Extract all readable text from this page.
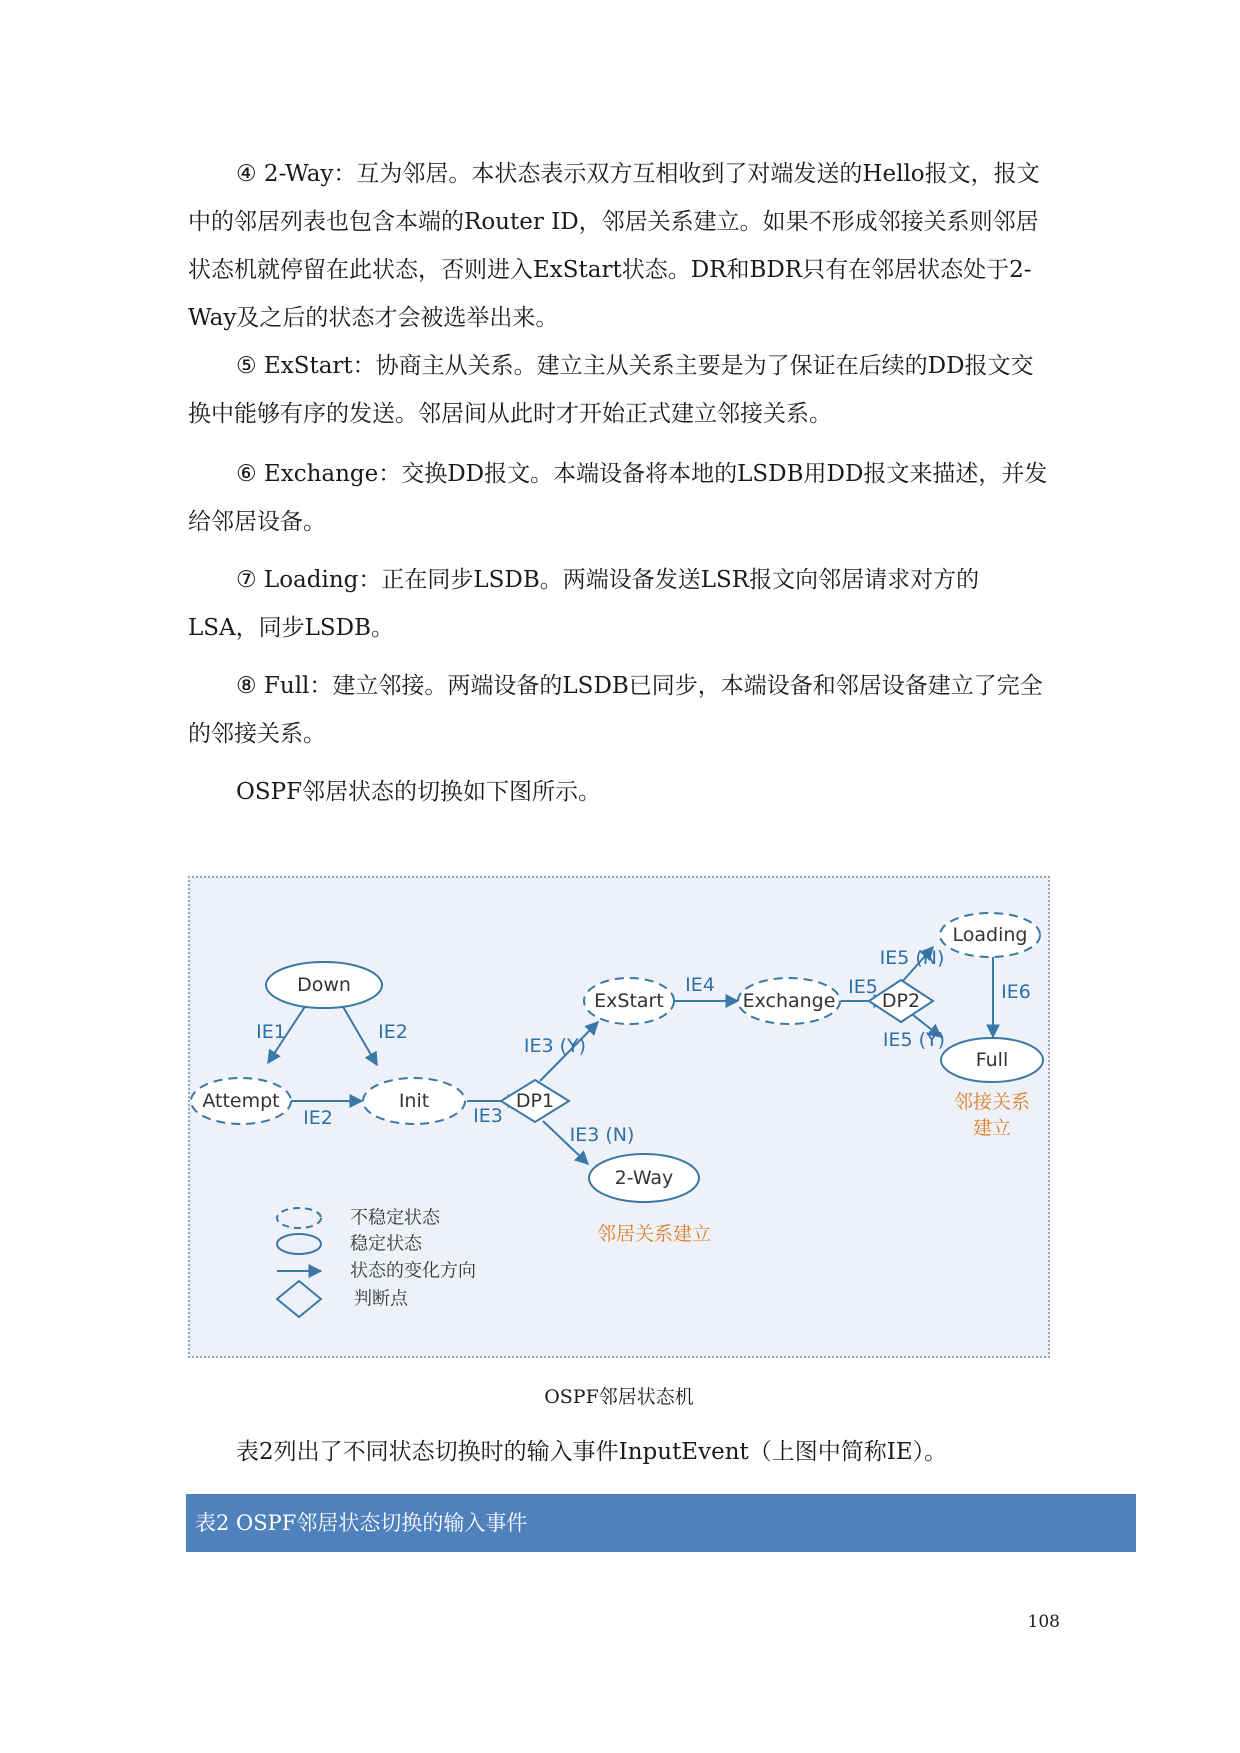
④ 2-Way：互为邻居。本状态表示双方互相收到了对端发送的Hello报文，报文中的邻居列表也包含本端的Router ID，邻居关系建立。如果不形成邻接关系则邻居状态机就停留在此状态，否则进入ExStart状态。DR和BDR只有在邻居状态处于2-Way及之后的状态才会被选举出来。

⑤ ExStart：协商主从关系。建立主从关系主要是为了保证在后续的DD报文交换中能够有序的发送。邻居间从此时才开始正式建立邻接关系。

⑥ Exchange：交换DD报文。本端设备将本地的LSDB用DD报文来描述，并发给邻居设备。

⑦ Loading：正在同步LSDB。两端设备发送LSR报文向邻居请求对方的LSA，同步LSDB。

⑧ Full：建立邻接。两端设备的LSDB已同步，本端设备和邻居设备建立了完全的邻接关系。

OSPF邻居状态的切换如下图所示。

Down
Attempt	Init
ExStart	Exchange
Loading
Full
2-Way
DP1
DP2
IE1	IE2
IE2	IE3
IE3 (Y)
IE3 (N)
IE4	IE5
IE5 (N)
IE5 (Y)
IE6
邻接关系
建立
邻居关系建立
不稳定状态
稳定状态
状态的变化方向
判断点
OSPF邻居状态机

表2列出了不同状态切换时的输入事件InputEvent（上图中简称IE）。

表2 OSPF邻居状态切换的输入事件
108
